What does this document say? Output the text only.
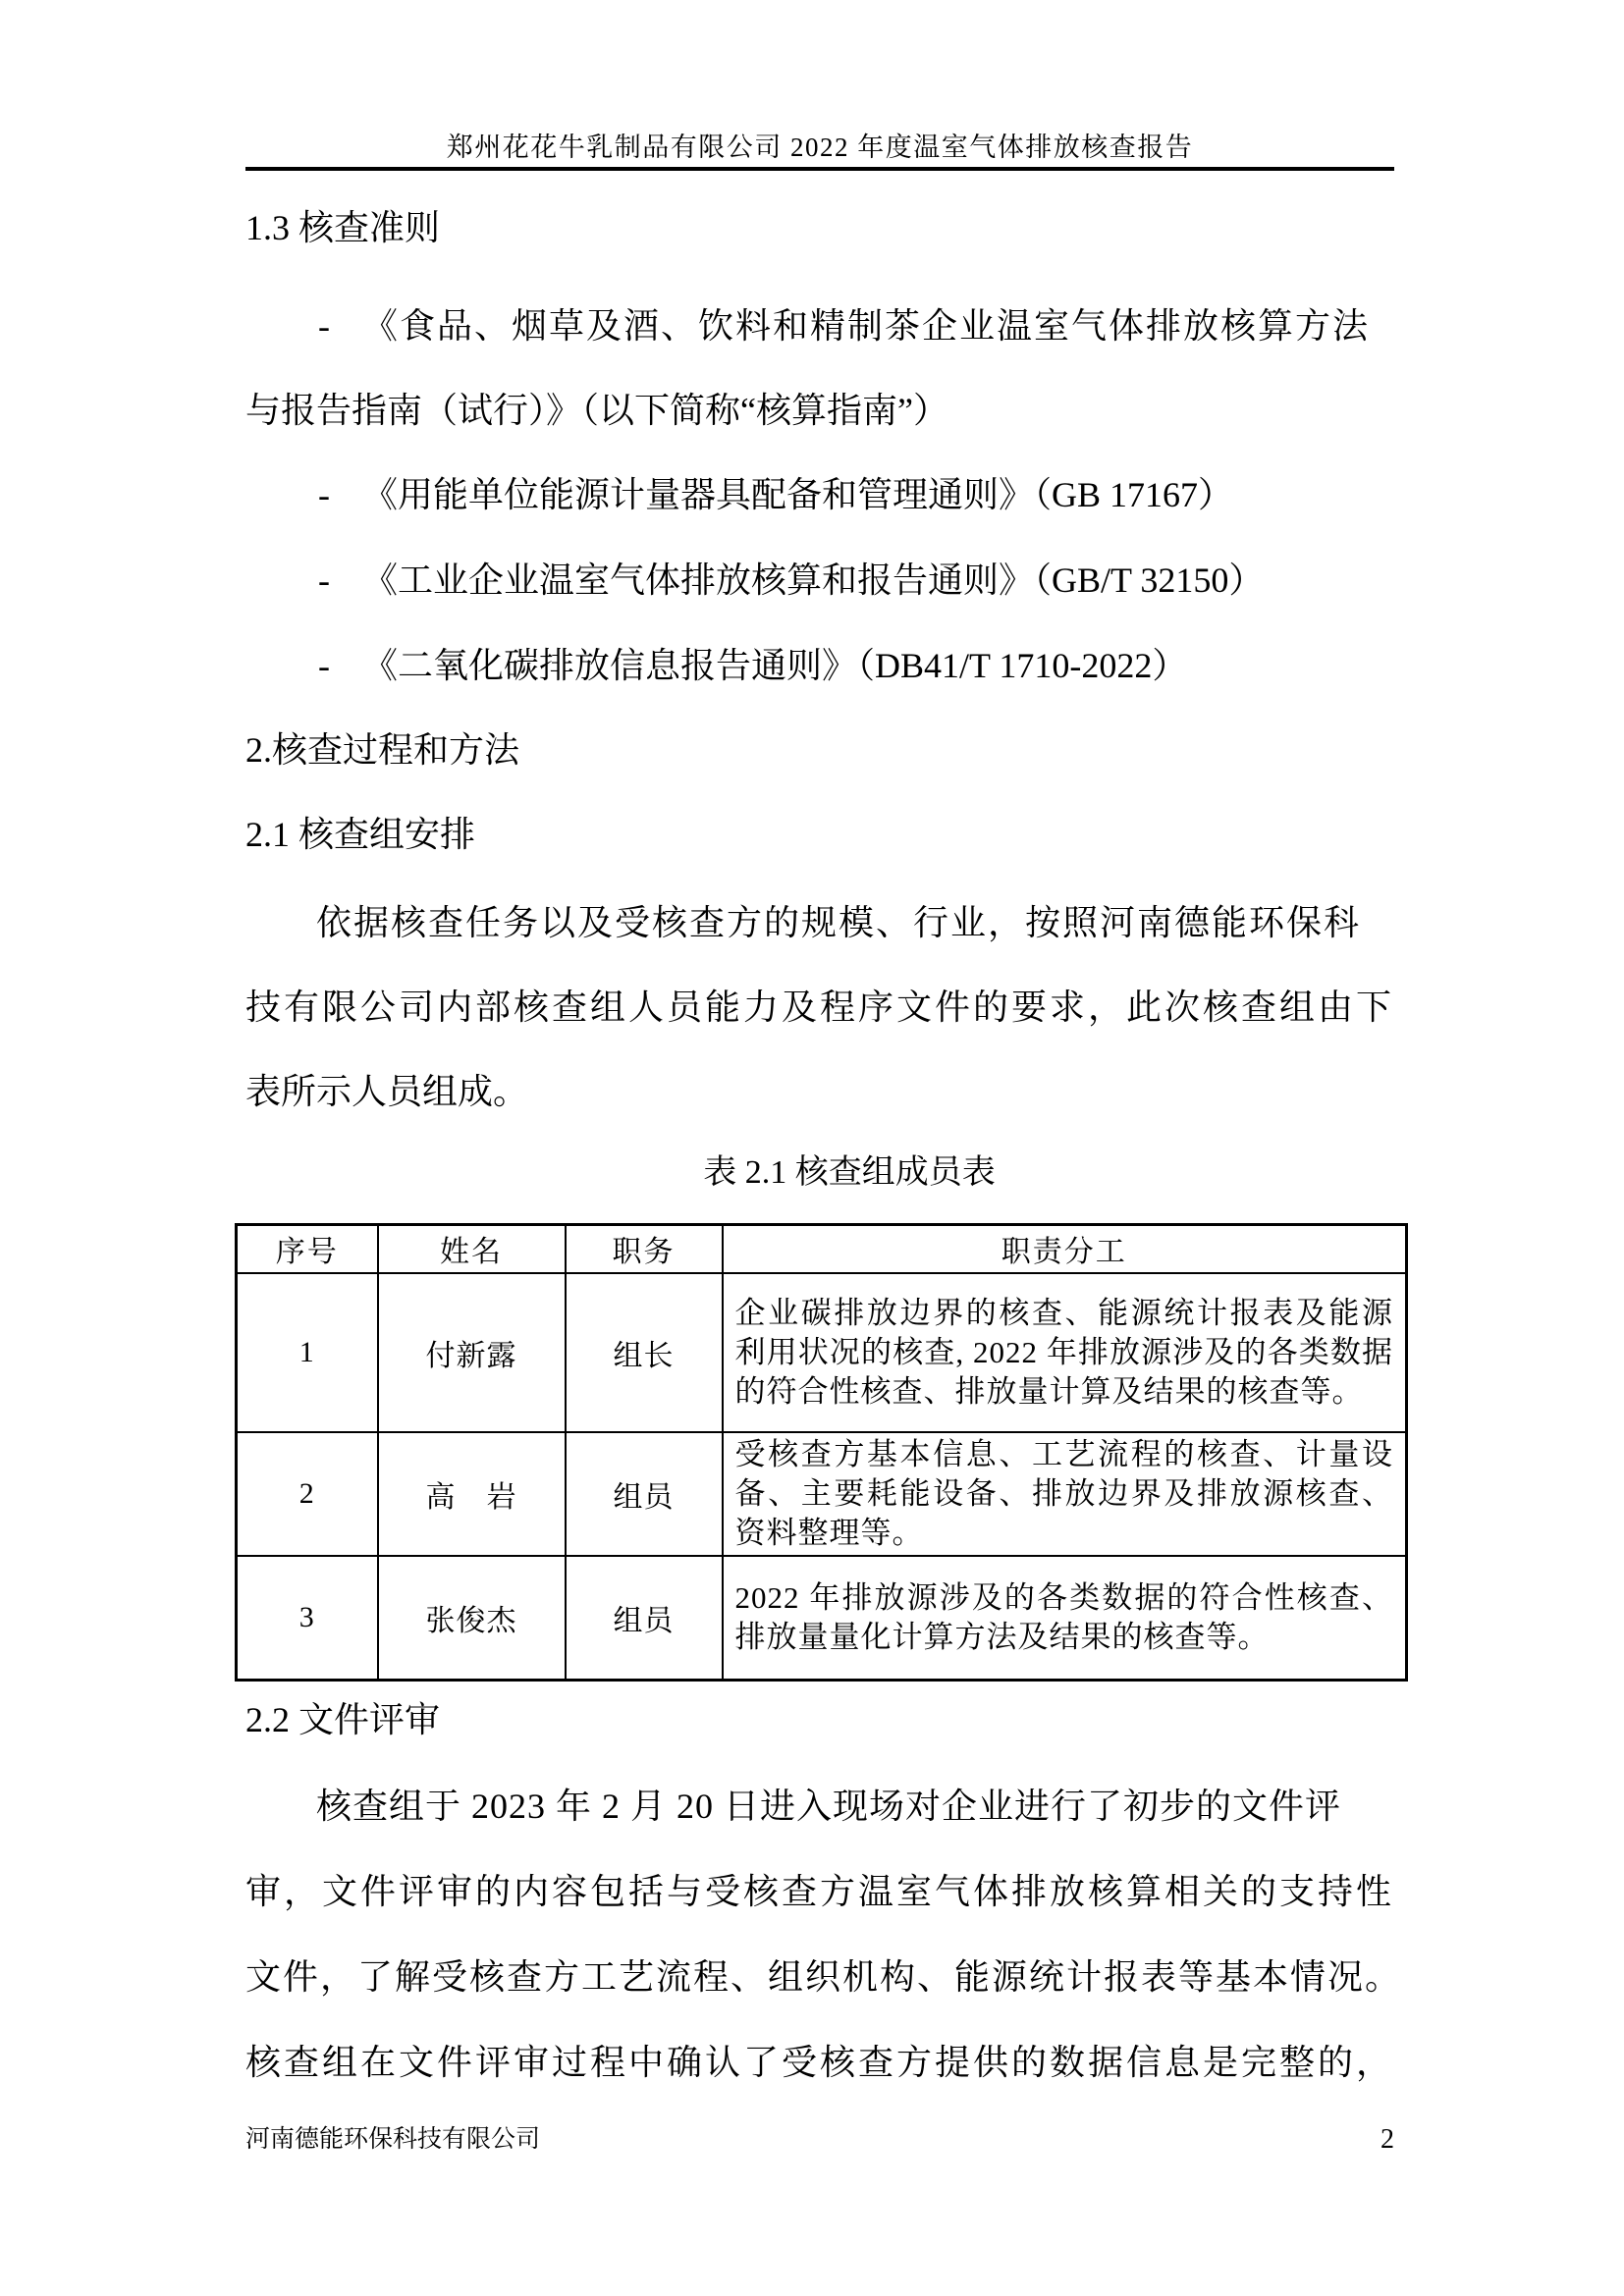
郑州花花牛乳制品有限公司 2022 年度温室气体排放核查报告
1.3 核查准则
- 《食品、烟草及酒、饮料和精制茶企业温室气体排放核算方法
与报告指南（试行）》（以下简称“核算指南”）
- 《用能单位能源计量器具配备和管理通则》（GB 17167）
- 《工业企业温室气体排放核算和报告通则》（GB/T 32150）
- 《二氧化碳排放信息报告通则》（DB41/T 1710-2022）
2.核查过程和方法
2.1 核查组安排
依据核查任务以及受核查方的规模、行业，按照河南德能环保科
技有限公司内部核查组人员能力及程序文件的要求，此次核查组由下
表所示人员组成。
表 2.1 核查组成员表
序号	姓名	职务	职责分工
1	付新露	组长	企业碳排放边界的核查、能源统计报表及能源利用状况的核查, 2022 年排放源涉及的各类数据的符合性核查、排放量计算及结果的核查等。
2	高　岩	组员	受核查方基本信息、工艺流程的核查、计量设备、主要耗能设备、排放边界及排放源核查、资料整理等。
3	张俊杰	组员	2022 年排放源涉及的各类数据的符合性核查、排放量量化计算方法及结果的核查等。
2.2 文件评审
核查组于 2023 年 2 月 20 日进入现场对企业进行了初步的文件评
审，文件评审的内容包括与受核查方温室气体排放核算相关的支持性
文件，了解受核查方工艺流程、组织机构、能源统计报表等基本情况。
核查组在文件评审过程中确认了受核查方提供的数据信息是完整的，
河南德能环保科技有限公司	2
